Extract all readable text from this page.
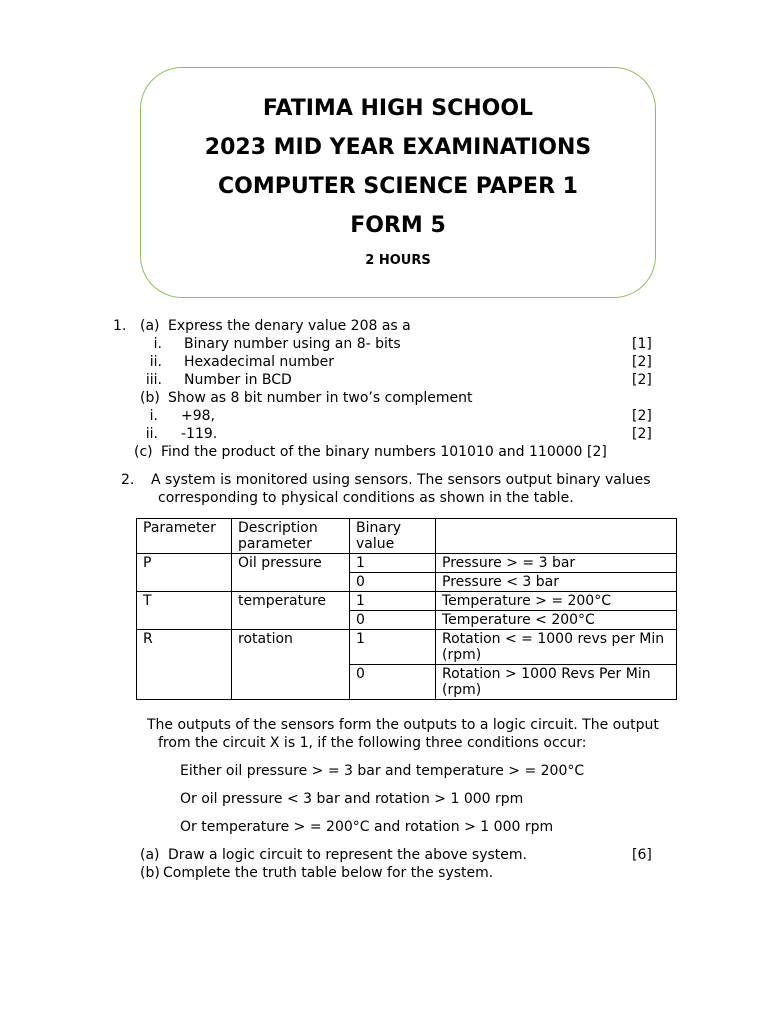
FATIMA HIGH SCHOOL
2023 MID YEAR EXAMINATIONS
COMPUTER SCIENCE PAPER 1
FORM 5
2 HOURS
1. (a) Express the denary value 208 as a
i. Binary number using an 8- bits	[1]
ii. Hexadecimal number	[2]
iii. Number in BCD	[2]
(b) Show as 8 bit number in two’s complement
i. +98,	[2]
ii. -119.	[2]
(c) Find the product of the binary numbers 101010 and 110000 [2]
2. A system is monitored using sensors. The sensors output binary values
corresponding to physical conditions as shown in the table.
Parameter	Description parameter	Binary value	
P	Oil pressure	1	Pressure > = 3 bar
		0	Pressure < 3 bar
T	temperature	1	Temperature > = 200°C
		0	Temperature < 200°C
R	rotation	1	Rotation < = 1000 revs per Min (rpm)
		0	Rotation > 1000 Revs Per Min (rpm)
The outputs of the sensors form the outputs to a logic circuit. The output
from the circuit X is 1, if the following three conditions occur:
Either oil pressure > = 3 bar and temperature > = 200°C
Or oil pressure < 3 bar and rotation > 1 000 rpm
Or temperature > = 200°C and rotation > 1 000 rpm
(a) Draw a logic circuit to represent the above system.	[6]
(b) Complete the truth table below for the system.
